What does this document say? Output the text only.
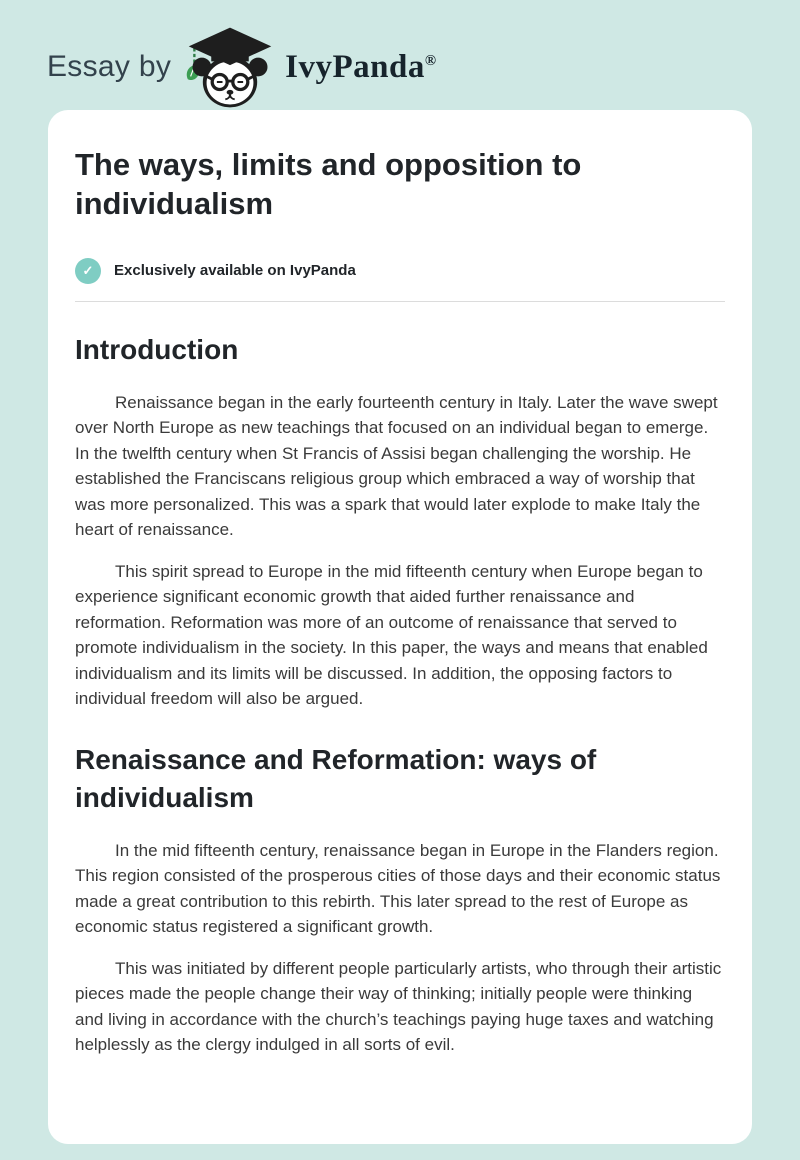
Essay by	IvyPanda®
The ways, limits and opposition to individualism
✓	Exclusively available on IvyPanda
Introduction

Renaissance began in the early fourteenth century in Italy. Later the wave swept over North Europe as new teachings that focused on an individual began to emerge. In the twelfth century when St Francis of Assisi began challenging the worship. He established the Franciscans religious group which embraced a way of worship that was more personalized. This was a spark that would later explode to make Italy the heart of renaissance.

This spirit spread to Europe in the mid fifteenth century when Europe began to experience significant economic growth that aided further renaissance and reformation. Reformation was more of an outcome of renaissance that served to promote individualism in the society. In this paper, the ways and means that enabled individualism and its limits will be discussed. In addition, the opposing factors to individual freedom will also be argued.

Renaissance and Reformation: ways of individualism

In the mid fifteenth century, renaissance began in Europe in the Flanders region. This region consisted of the prosperous cities of those days and their economic status made a great contribution to this rebirth. This later spread to the rest of Europe as economic status registered a significant growth.

This was initiated by different people particularly artists, who through their artistic pieces made the people change their way of thinking; initially people were thinking and living in accordance with the church’s teachings paying huge taxes and watching helplessly as the clergy indulged in all sorts of evil.
